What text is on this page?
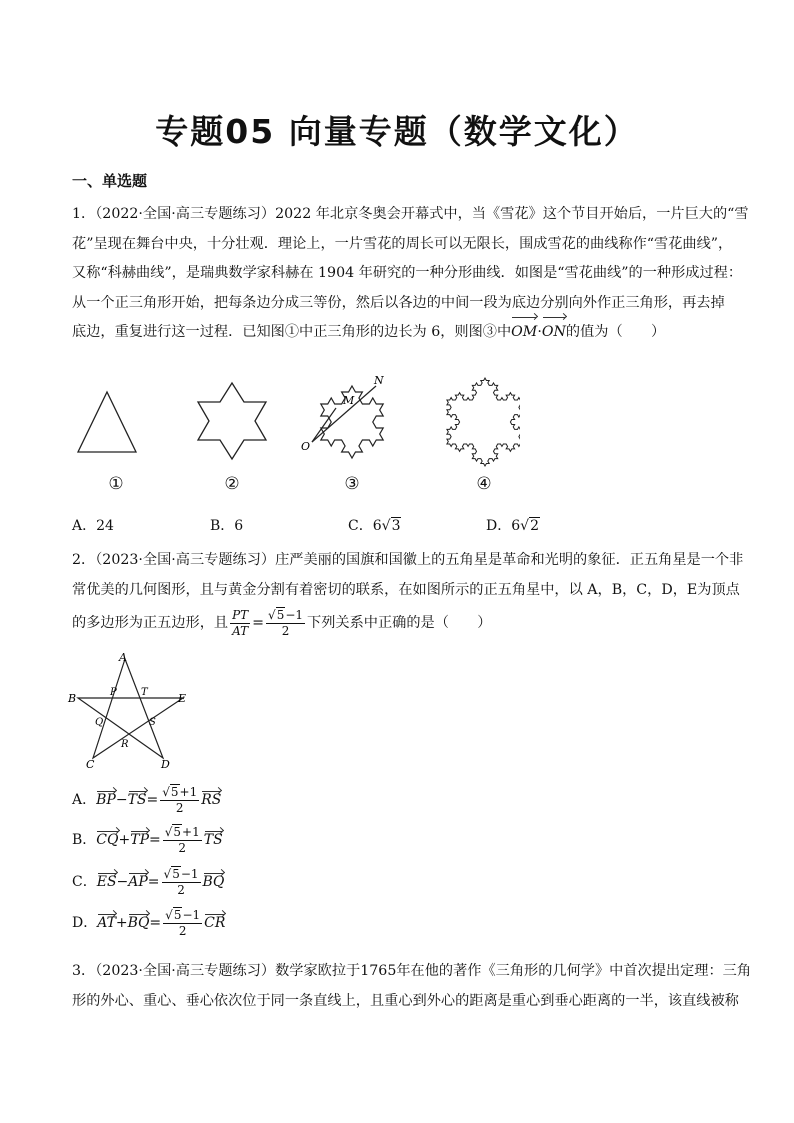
专题05 向量专题（数学文化）
一、单选题
1．（2022·全国·高三专题练习）2022 年北京冬奥会开幕式中，当《雪花》这个节目开始后，一片巨大的“雪
花”呈现在舞台中央，十分壮观．理论上，一片雪花的周长可以无限长，围成雪花的曲线称作“雪花曲线”，
又称“科赫曲线”，是瑞典数学家科赫在 1904 年研究的一种分形曲线．如图是“雪花曲线”的一种形成过程：
从一个正三角形开始，把每条边分成三等份，然后以各边的中间一段为底边分别向外作正三角形，再去掉
底边，重复进行这一过程．已知图①中正三角形的边长为 6，则图③中OM·ON的值为（　　）
O
M
N
①	②	③	④
A．24	B．6	C．6√3	D．6√2
2．（2023·全国·高三专题练习）庄严美丽的国旗和国徽上的五角星是革命和光明的象征．正五角星是一个非
常优美的几何图形，且与黄金分割有着密切的联系，在如图所示的正五角星中，以 A，B，C，D，E为顶点
的多边形为正五边形，且 $\frac{PT}{AT} = \frac{√5-1}{2}$ 下列关系中正确的是（　　）
A
B	E
C	D
P T
Q	S
R
A．$BP-TS= \frac{√5+1}{2}$ RS
B．$CQ+TP= \frac{√5+1}{2}$ TS
C．$ES-AP= \frac{√5-1}{2}$ BQ
D．$AT+BQ= \frac{√5-1}{2}$ CR
3．（2023·全国·高三专题练习）数学家欧拉于1765年在他的著作《三角形的几何学》中首次提出定理：三角
形的外心、重心、垂心依次位于同一条直线上，且重心到外心的距离是重心到垂心距离的一半，该直线被称
